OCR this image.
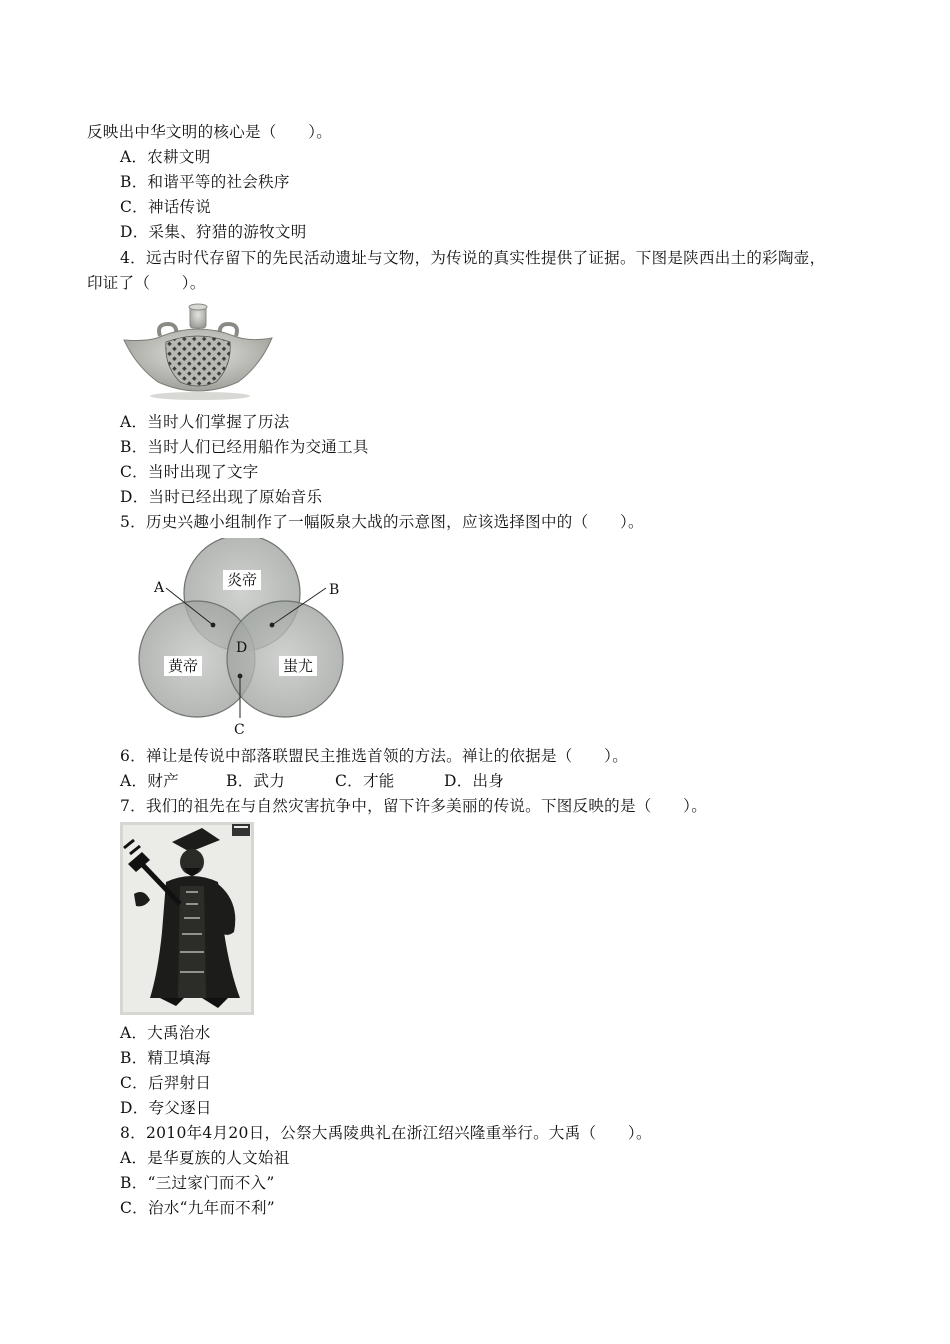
反映出中华文明的核心是（　　）。
A．农耕文明
B．和谐平等的社会秩序
C．神话传说
D．采集、狩猎的游牧文明
4．远古时代存留下的先民活动遗址与文物，为传说的真实性提供了证据。下图是陕西出土的彩陶壶，
印证了（　　）。
A．当时人们掌握了历法
B．当时人们已经用船作为交通工具
C．当时出现了文字
D．当时已经出现了原始音乐
5．历史兴趣小组制作了一幅阪泉大战的示意图，应该选择图中的（　　）。
炎帝
黄帝	蚩尤
A	B
C
D
6．禅让是传说中部落联盟民主推选首领的方法。禅让的依据是（　　）。
A．财产	B．武力	C．才能	D．出身
7．我们的祖先在与自然灾害抗争中，留下许多美丽的传说。下图反映的是（　　）。
A．大禹治水
B．精卫填海
C．后羿射日
D．夸父逐日
8．2010年4月20日，公祭大禹陵典礼在浙江绍兴隆重举行。大禹（　　）。
A．是华夏族的人文始祖
B．“三过家门而不入”
C．治水“九年而不利”
